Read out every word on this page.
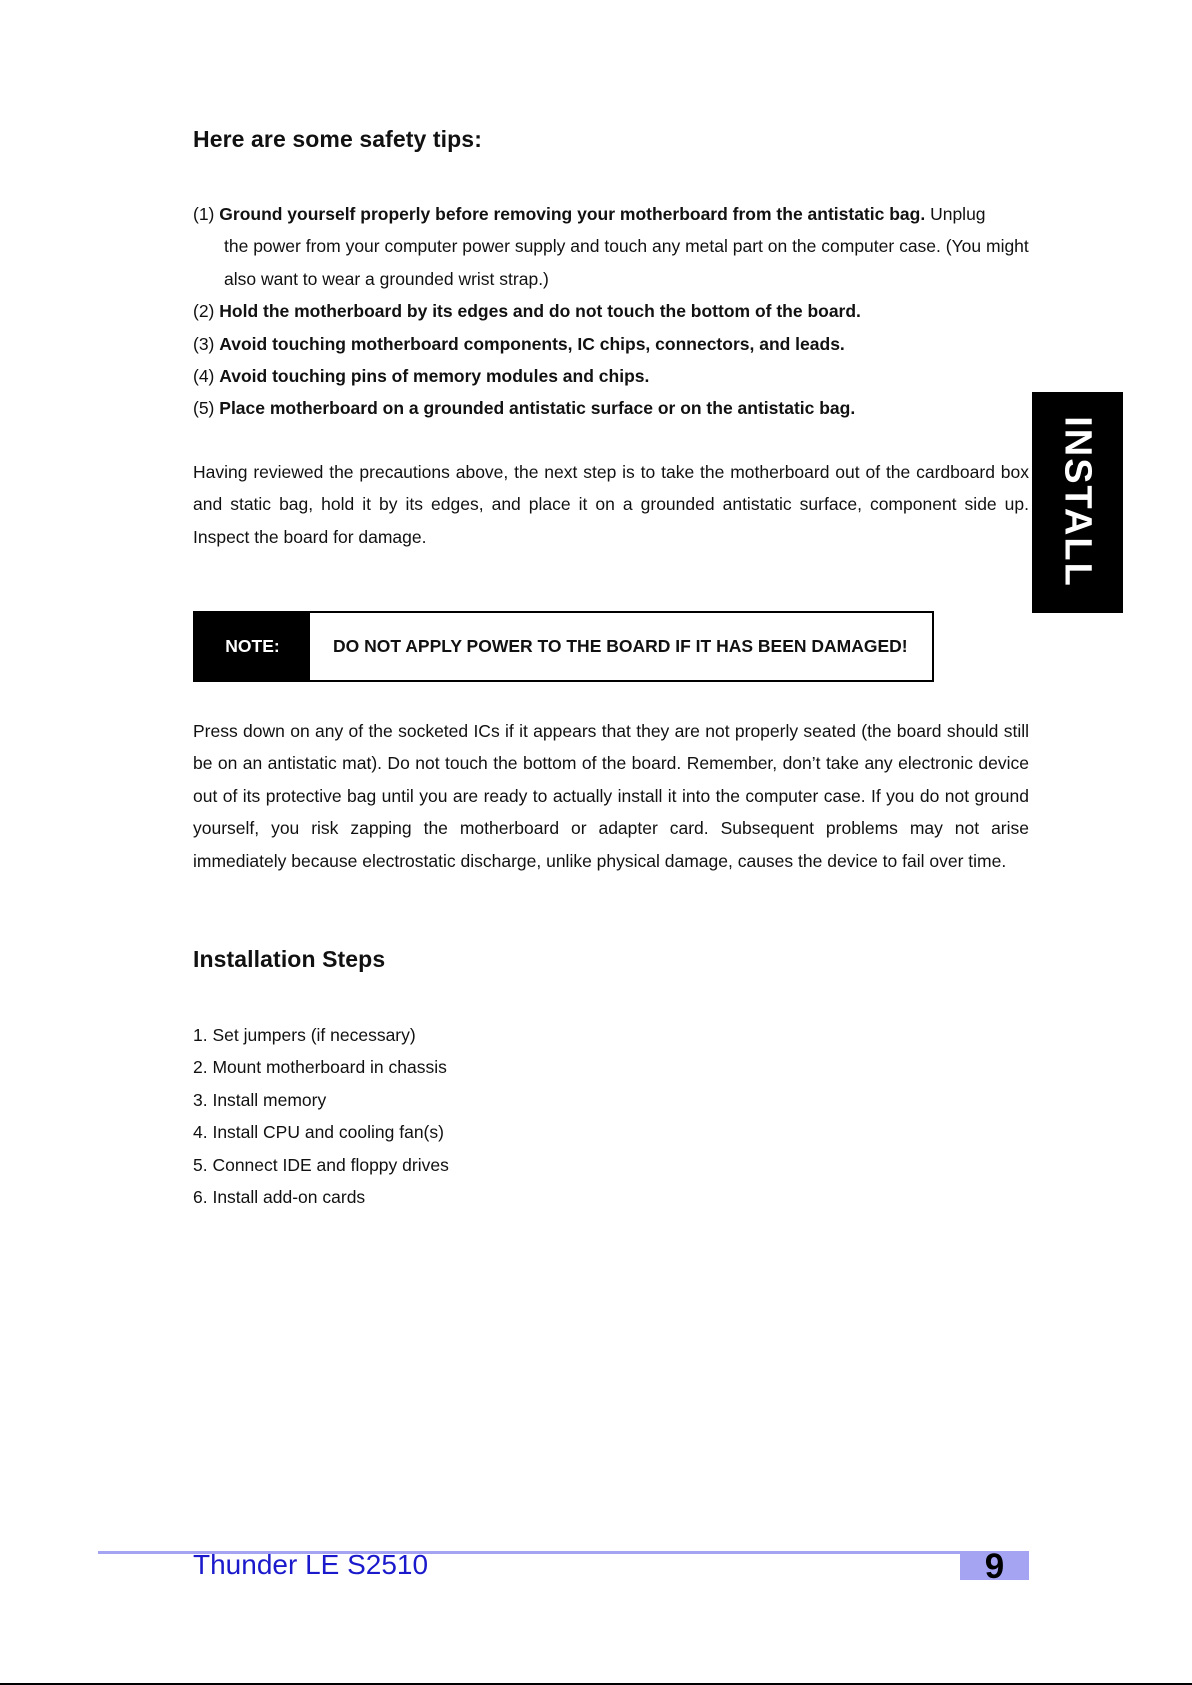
Here are some safety tips:
(1) Ground yourself properly before removing your motherboard from the antistatic bag. Unplug
the power from your computer power supply and touch any metal part on the computer case. (You might also want to wear a grounded wrist strap.)
(2) Hold the motherboard by its edges and do not touch the bottom of the board.
(3) Avoid touching motherboard components, IC chips, connectors, and leads.
(4) Avoid touching pins of memory modules and chips.
(5) Place motherboard on a grounded antistatic surface or on the antistatic bag.

Having reviewed the precautions above, the next step is to take the motherboard out of the cardboard box and static bag, hold it by its edges, and place it on a grounded antistatic surface, component side up. Inspect the board for damage.

NOTE:	DO NOT APPLY POWER TO THE BOARD IF IT HAS BEEN DAMAGED!

Press down on any of the socketed ICs if it appears that they are not properly seated (the board should still be on an antistatic mat). Do not touch the bottom of the board. Remember, don’t take any electronic device out of its protective bag until you are ready to actually install it into the computer case. If you do not ground yourself, you risk zapping the motherboard or adapter card. Subsequent problems may not arise immediately because electrostatic discharge, unlike physical damage, causes the device to fail over time.

Installation Steps
1. Set jumpers (if necessary)
2. Mount motherboard in chassis
3. Install memory
4. Install CPU and cooling fan(s)
5. Connect IDE and floppy drives
6. Install add-on cards
INSTALL
Thunder LE S2510	9
